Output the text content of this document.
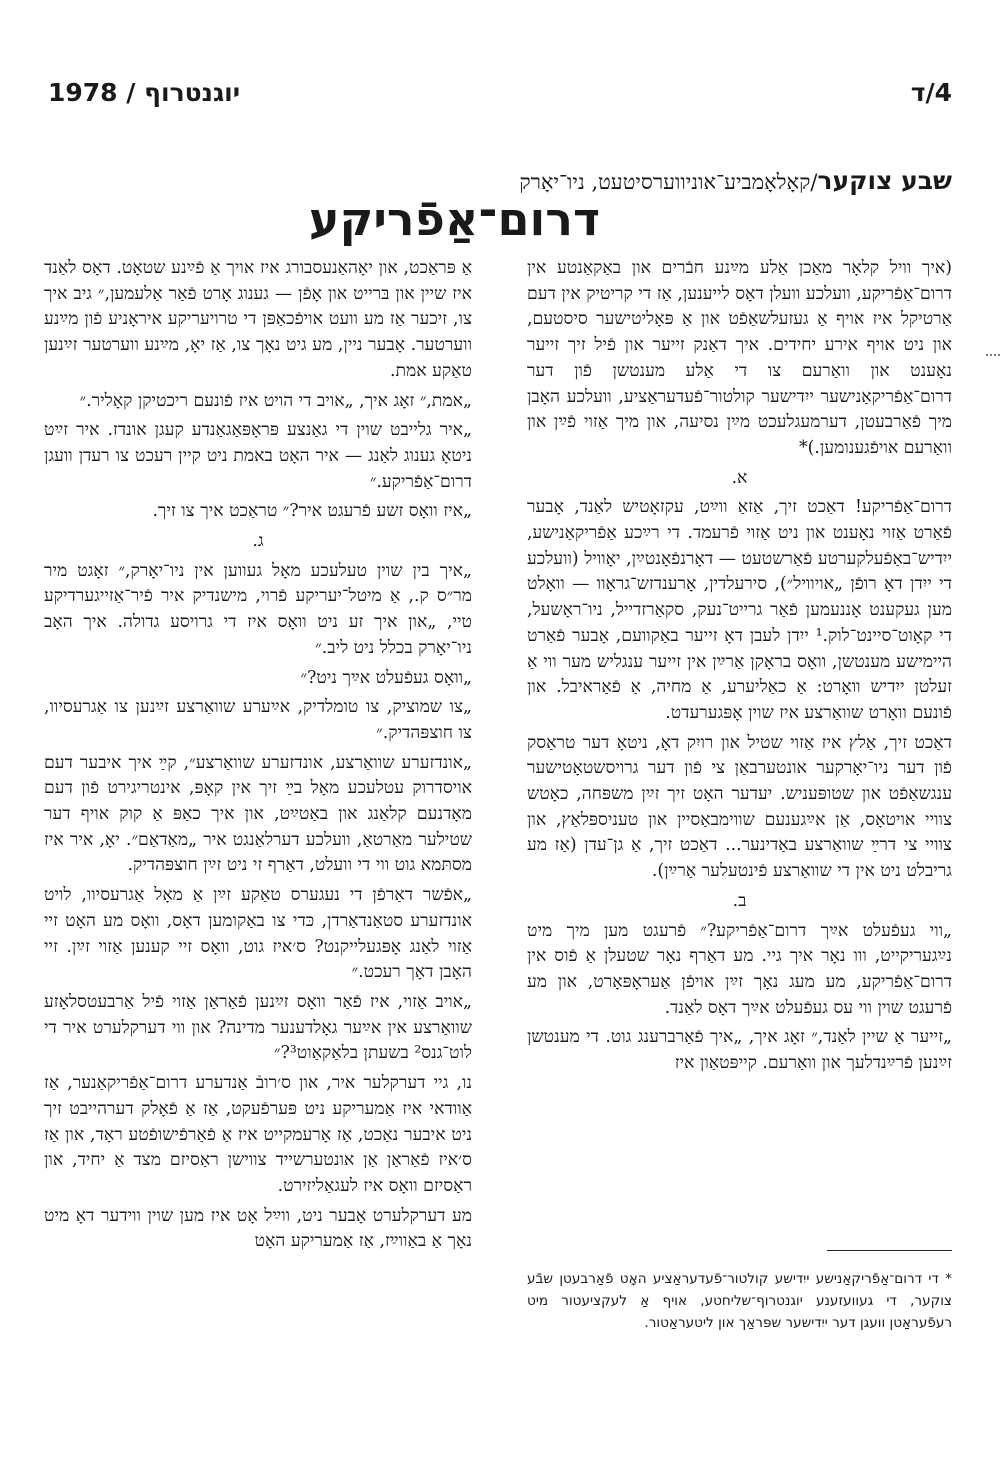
יוגנטרוף / 1978	4/ד
שבע צוקער/קאָלאָמביע־אוניווערסיטעט, ניו־יאָרק
דרום־אַפֿריקע

(איך וויל קלאָר מאַכן אַלע מײַנע חבֿרים און באַקאַנטע אין דרום־אַפֿריקע, וועלכע וועלן דאָס לייענען, אַז די קריטיק אין דעם אַרטיקל איז אויף אַ געזעלשאַפֿט און אַ פּאָליטישער סיסטעם, און ניט אויף אירע יחידים. איך דאַנק זייער און פֿיל זיך זייער נאָענט און וואַרעם צו די אַלע מענטשן פֿון דער דרום־אַפֿריקאַנישער ייִדישער קולטור־פֿעדעראַציע, וועלכע האָבן מיך פֿאַרבעטן, דערמעגלעכט מײַן נסיעה, און מיך אַזוי פֿײַן און וואַרעם אויפֿגענומען.)*

א.

דרום־אַפֿריקע! דאַכט זיך, אַזאַ ווײַט, עקזאָטיש לאַנד, אָבער פֿאַרט אַזוי נאָענט און ניט אַזוי פֿרעמד. די רײַכע אַפֿריקאַנישע, ייִדיש־באַפֿעלקערטע פֿאַרשטעט — דאָרנפֿאָנטײַן, יאָוויל (וועלכע די ייִדן דאָ רופֿן „אויוויל״), סירעלדין, אָרענדזש־גראָוו — וואָלט מען געקענט אָננעמען פֿאַר גרייט־נעק, סקאַרזדייל, ניו־ראָשעל, די קאָוט־סיינט־לוק.¹ ייִדן לעבן דאָ זייער באַקוועם, אָבער פֿאַרט היימישע מענטשן, וואָס בראָקן אַרײַן אין זייער ענגליש מער ווי אַ זעלטן ייִדיש וואָרט: אַ כאַליערע, אַ מחיה, אַ פֿאַראיבל. און פֿונעם וואָרט שוואַרצע איז שוין אָפּגערעדט.

דאַכט זיך, אַלץ איז אַזוי שטיל און רויִק דאָ, ניטאָ דער טראַסק פֿון דער ניו־יאָרקער אונטערבאַן צי פֿון דער גרויסשטאָטישער ענגשאַפֿט און שטופּעניש. יעדער האָט זיך זײַן משפּחה, כאָטש צוויי אויטאָס, אַן אײַגענעם שווימבאַסיין און טעניספּלאַץ, און צוויי צי דרײַ שוואַרצע באַדינער... דאַכט זיך, אַ גן־עדן (אַז מע גריבלט ניט אין די שוואַרצע פֿינטעלער אַרײַן).

ב.

„ווי געפֿעלט אײַך דרום־אַפֿריקע?״ פֿרעגט מען מיך מיט נײַגעריקייט, ווו נאָר איך גיי. מע דאַרף נאָר שטעלן אַ פֿוס אין דרום־אַפֿריקע, מע מעג נאָך זײַן אויפֿן אַעראָפּאָרט, און מע פֿרעגט שוין ווי עס געפֿעלט אײַך דאָס לאַנד.

„זייער אַ שיין לאַנד,״ זאָג איך, „איך פֿאַרברענג גוט. די מענטשן זײַנען פֿרײַנדלעך און וואַרעם. קייפּטאַון איז

אַ פּראַכט, און יאָהאַנעסבורג איז אויך אַ פֿײַנע שטאָט. דאָס לאַנד איז שיין און בּרייט און אָפֿן — גענוג אָרט פֿאַר אַלעמען,״ גיב איך צו, זיכער אַז מע וועט אויפֿכאַפּן די טרויעריקע איראָניע פֿון מײַנע ווערטער. אָבער ניין, מע גיט נאָך צו, אַז יאָ, מײַנע ווערטער זײַנען טאַקע אמת.

„אמת,״ זאָג איך, „אויב די הויט איז פֿונעם ריכטיקן קאָליר.״

„איר גלייבט שוין די גאַנצע פּראָפּאַגאַנדע קעגן אונדז. איר זײַט ניטאָ גענוג לאַנג — איר האָט באמת ניט קיין רעכט צו רעדן וועגן דרום־אַפֿריקע.״

„איז וואָס זשע פֿרעגט איר?״ טראַכט איך צו זיך.

ג.

„איך בין שוין טעלעכע מאָל געווען אין ניו־יאָרק,״ זאָגט מיר מר״ס ק., אַ מיטל־יעריקע פֿרוי, מישנדיק איר פֿיר־אַזייגערדיקע טיי, „און איך זע ניט וואָס איז די גרויסע גדולה. איך האָב ניו־יאָרק בכלל ניט ליב.״

„וואָס געפֿעלט אײַך ניט?״

„צו שמוציק, צו טומלדיק, אײַערע שוואַרצע זײַנען צו אַגרעסיוו, צו חוצפּהדיק.״

„אונדזערע שוואַרצע, אונדזערע שוואַרצע״, קײַ איך איבער דעם אויסדרוק עטלעכע מאָל בײַ זיך אין קאָפּ, אינטריגירט פֿון דעם מאָדנעם קלאַנג און באַטײַט, און איך כאַפּ אַ קוק אויף דער שטילער מאַרטאַ, וועלכע דערלאַנגט איר „מאַדאַם״. יאָ, איר איז מסתּמא גוט ווי די וועלט, דאַרף זי ניט זײַן חוצפּהדיק.

„אפֿשר דאַרפֿן די נעגערס טאַקע זײַן אַ מאָל אַגרעסיוו, לויט אונדזערע סטאַנדאַרדן, כּדי צו באַקומען דאָס, וואָס מע האָט זיי אַזוי לאַנג אָפּגעלייקנט? ס׳איז גוט, וואָס זיי קענען אַזוי זײַן. זיי האָבן דאָך רעכט.״

„אויב אַזוי, איז פֿאַר וואָס זײַנען פֿאַראַן אַזוי פֿיל אַרבעטסלאָזע שוואַרצע אין אײַער גאָלדענער מדינה? און ווי דערקלערט איר די לוט־גנס² בשעתן בלאַקאַוט³?״

נו, גיי דערקלער איר, און ס׳רובֿ אַנדערע דרום־אַפֿריקאַנער, אַז אַוודאי איז אַמעריקע ניט פּערפֿעקט, אַז אַ פֿאָלק דערהייבט זיך ניט איבער נאַכט, אַז אָרעמקייט איז אַ פֿאַרפֿישופֿטע ראָד, און אַז ס׳איז פֿאַראַן אַן אונטערשייד צווישן ראַסיזם מצד אַ יחיד, און ראַסיזם וואָס איז לעגאַליזירט.

מע דערקלערט אָבער ניט, ווײַל אָט איז מען שוין ווידער דאָ מיט נאָך אַ באַווײַז, אַז אַמעריקע האָט

* די דרום־אַפֿריקאַנישע ייִדישע קולטור־פֿעדעראַציע האָט פֿאַרבעטן שבֿע צוקער, די געוועזענע יוגנטרוף־שליחטע, אויף אַ לעקציעטור מיט רעפֿעראַטן וועגן דער ייִדישער שפּראַך און ליטעראַטור.
